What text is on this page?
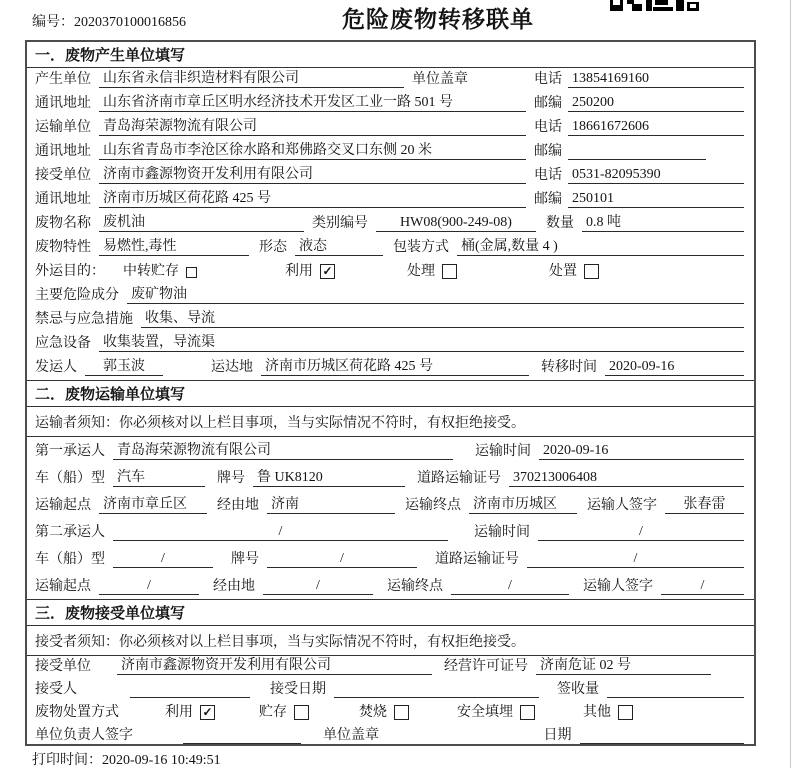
编号：2020370100016856	危险废物转移联单
一．废物产生单位填写
产生单位 山东省永信非织造材料有限公司	单位盖章	电话 13854169160
通讯地址 山东省济南市章丘区明水经济技术开发区工业一路 501 号	邮编 250200
运输单位 青岛海荣源物流有限公司	电话 18661672606
通讯地址 山东省青岛市李沧区徐水路和郑佛路交叉口东侧 20 米	邮编
接受单位 济南市鑫源物资开发利用有限公司	电话 0531-82095390
通讯地址 济南市历城区荷花路 425 号	邮编 250101
废物名称 废机油	类别编号	HW08(900-249-08)	数量 0.8 吨
废物特性 易燃性,毒性	形态 液态	包装方式 桶(金属,数量 4 )
外运目的：	中转贮存	利用 ✓	处理	处置
主要危险成分 废矿物油
禁忌与应急措施 收集、导流
应急设备 收集装置，导流渠
发运人	郭玉波	运达地 济南市历城区荷花路 425 号	转移时间 2020-09-16
二．废物运输单位填写
运输者须知：你必须核对以上栏目事项，当与实际情况不符时，有权拒绝接受。
第一承运人 青岛海荣源物流有限公司	运输时间 2020-09-16
车（船）型 汽车	牌号 鲁 UK8120	道路运输证号 370213006408
运输起点 济南市章丘区	经由地 济南	运输终点 济南市历城区	运输人签字	张春雷
第二承运人	/	运输时间	/
车（船）型	/	牌号	/	道路运输证号	/
运输起点	/	经由地	/	运输终点	/	运输人签字	/
三．废物接受单位填写
接受者须知：你必须核对以上栏目事项，当与实际情况不符时，有权拒绝接受。
接受单位	济南市鑫源物资开发利用有限公司	经营许可证号 济南危证 02 号
接受人	接受日期	签收量
废物处置方式	利用 ✓	贮存	焚烧	安全填埋	其他
单位负责人签字	单位盖章	日期
打印时间：2020-09-16 10:49:51
